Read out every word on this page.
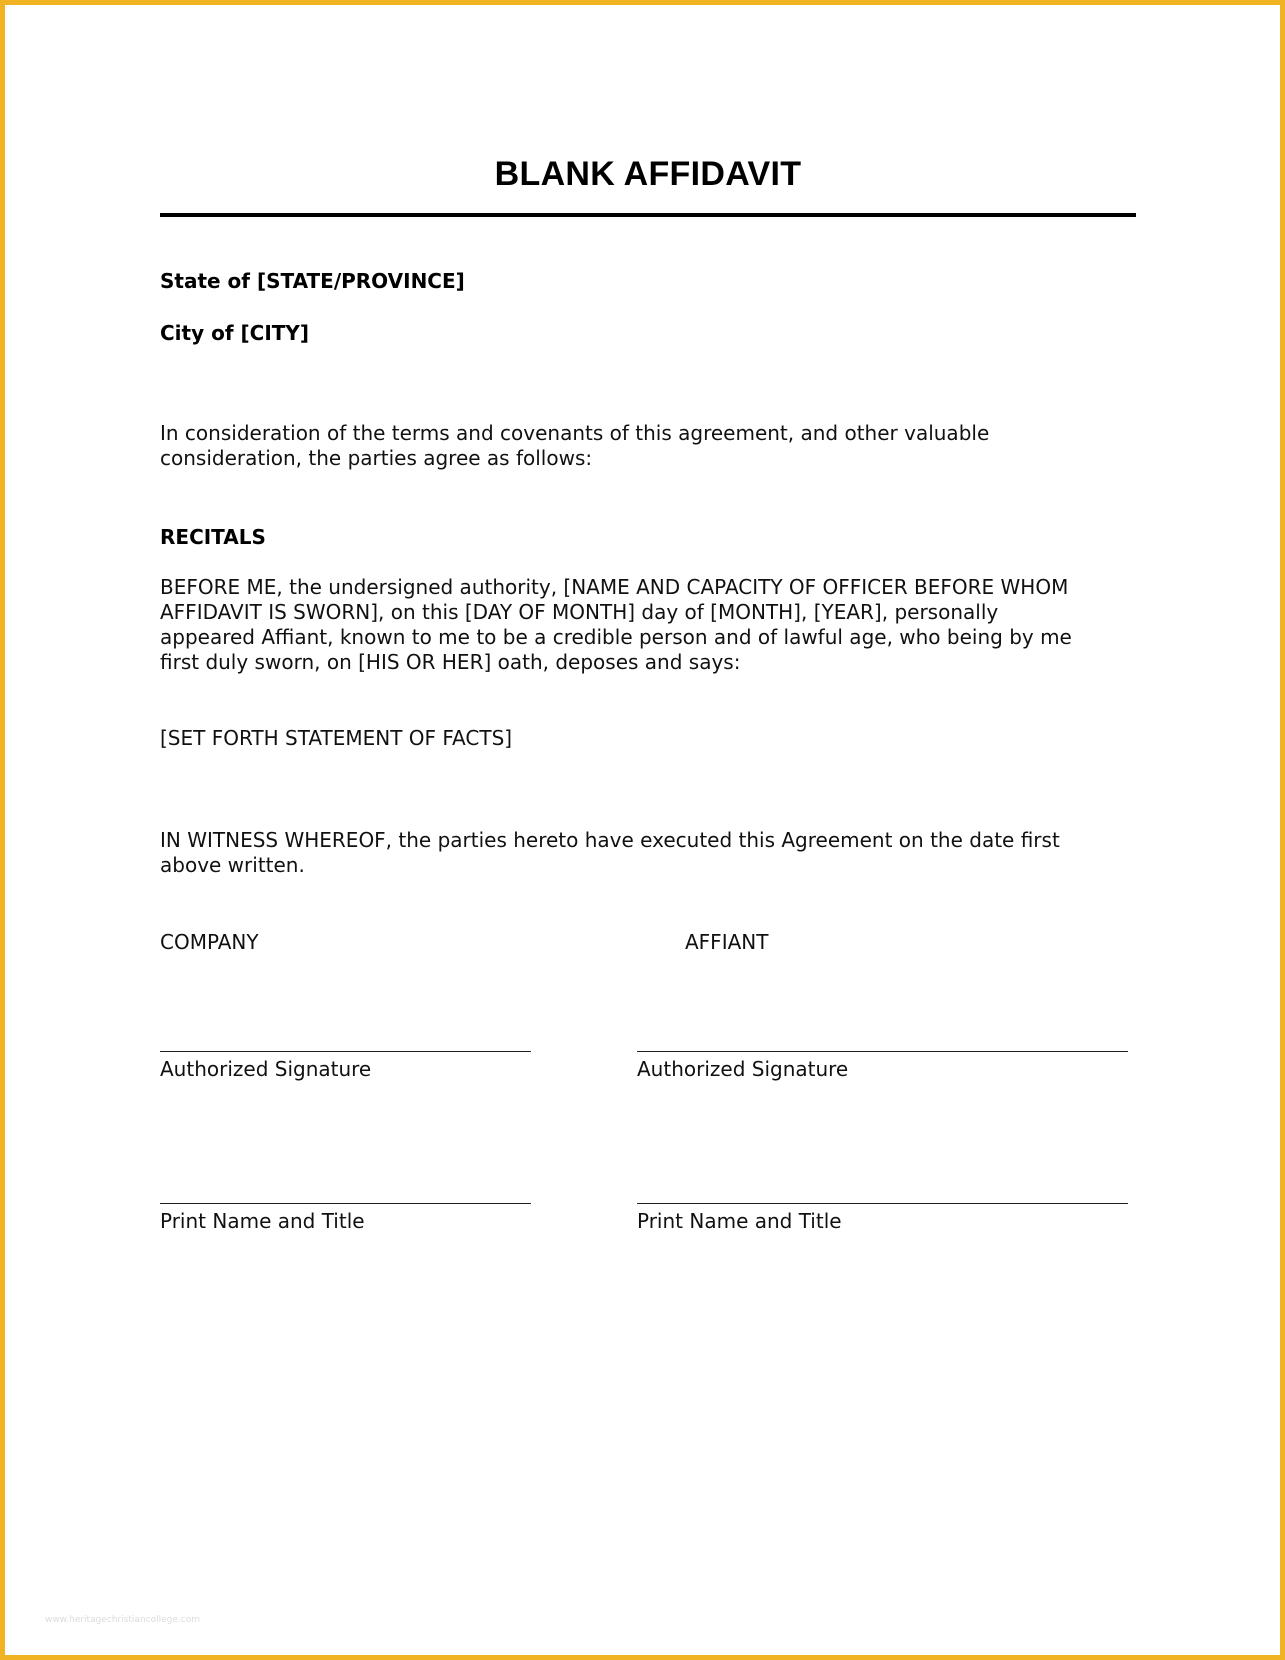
BLANK AFFIDAVIT
State of [STATE/PROVINCE]
City of [CITY]
In consideration of the terms and covenants of this agreement, and other valuable
consideration, the parties agree as follows:
RECITALS
BEFORE ME, the undersigned authority, [NAME AND CAPACITY OF OFFICER BEFORE WHOM
AFFIDAVIT IS SWORN], on this [DAY OF MONTH] day of [MONTH], [YEAR], personally
appeared Affiant, known to me to be a credible person and of lawful age, who being by me
first duly sworn, on [HIS OR HER] oath, deposes and says:
[SET FORTH STATEMENT OF FACTS]
IN WITNESS WHEREOF, the parties hereto have executed this Agreement on the date first
above written.
COMPANY	AFFIANT
Authorized Signature	Authorized Signature
Print Name and Title	Print Name and Title
www.heritagechristiancollege.com
